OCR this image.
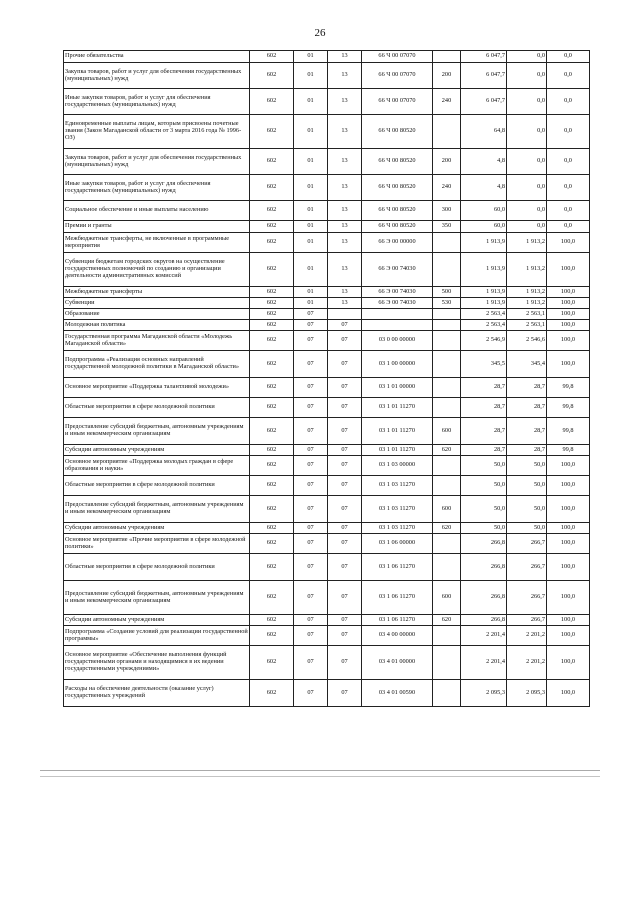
26
Прочие обязательства	602	01	13	66 Ч 00 07070		6 047,7	0,0	0,0
Закупка товаров, работ и услуг для обеспечения государственных (муниципальных) нужд	602	01	13	66 Ч 00 07070	200	6 047,7	0,0	0,0
Иные закупки товаров, работ и услуг для обеспечения государственных (муниципальных) нужд	602	01	13	66 Ч 00 07070	240	6 047,7	0,0	0,0
Единовременные выплаты лицам, которым присвоены почетные звания (Закон Магаданской области от 3 марта 2016 года № 1996-ОЗ)	602	01	13	66 Ч 00 80520		64,8	0,0	0,0
Закупка товаров, работ и услуг для обеспечения государственных (муниципальных) нужд	602	01	13	66 Ч 00 80520	200	4,8	0,0	0,0
Иные закупки товаров, работ и услуг для обеспечения государственных (муниципальных) нужд	602	01	13	66 Ч 00 80520	240	4,8	0,0	0,0
Социальное обеспечение и иные выплаты населению	602	01	13	66 Ч 00 80520	300	60,0	0,0	0,0
Премии и гранты	602	01	13	66 Ч 00 80520	350	60,0	0,0	0,0
Межбюджетные трансферты, не включенные в программные мероприятия	602	01	13	66 Э 00 00000		1 913,9	1 913,2	100,0
Субвенция бюджетам городских округов на осуществление государственных полномочий по созданию и организации деятельности административных комиссий	602	01	13	66 Э 00 74030		1 913,9	1 913,2	100,0
Межбюджетные трансферты	602	01	13	66 Э 00 74030	500	1 913,9	1 913,2	100,0
Субвенции	602	01	13	66 Э 00 74030	530	1 913,9	1 913,2	100,0
Образование	602	07				2 563,4	2 563,1	100,0
Молодежная политика	602	07	07			2 563,4	2 563,1	100,0
Государственная программа Магаданской области «Молодежь Магаданской области»	602	07	07	03 0 00 00000		2 546,9	2 546,6	100,0
Подпрограмма «Реализация основных направлений государственной молодежной политики в Магаданской области»	602	07	07	03 1 00 00000		345,5	345,4	100,0
Основное мероприятие «Поддержка талантливой молодежи»	602	07	07	03 1 01 00000		28,7	28,7	99,8
Областные мероприятия в сфере молодежной политики	602	07	07	03 1 01 11270		28,7	28,7	99,8
Предоставление субсидий бюджетным, автономным учреждениям и иным некоммерческим организациям	602	07	07	03 1 01 11270	600	28,7	28,7	99,8
Субсидии автономным учреждениям	602	07	07	03 1 01 11270	620	28,7	28,7	99,8
Основное мероприятие «Поддержка молодых граждан в сфере образования и науки»	602	07	07	03 1 03 00000		50,0	50,0	100,0
Областные мероприятия в сфере молодежной политики	602	07	07	03 1 03 11270		50,0	50,0	100,0
Предоставление субсидий бюджетным, автономным учреждениям и иным некоммерческим организациям	602	07	07	03 1 03 11270	600	50,0	50,0	100,0
Субсидии автономным учреждениям	602	07	07	03 1 03 11270	620	50,0	50,0	100,0
Основное мероприятие «Прочие мероприятия в сфере молодежной политики»	602	07	07	03 1 06 00000		266,8	266,7	100,0
Областные мероприятия в сфере молодежной политики	602	07	07	03 1 06 11270		266,8	266,7	100,0
Предоставление субсидий бюджетным, автономным учреждениям и иным некоммерческим организациям	602	07	07	03 1 06 11270	600	266,8	266,7	100,0
Субсидии автономным учреждениям	602	07	07	03 1 06 11270	620	266,8	266,7	100,0
Подпрограмма «Создание условий для реализации государственной программы»	602	07	07	03 4 00 00000		2 201,4	2 201,2	100,0
Основное мероприятие «Обеспечение выполнения функций государственными органами и находящимися в их ведении государственными учреждениями»	602	07	07	03 4 01 00000		2 201,4	2 201,2	100,0
Расходы на обеспечение деятельности (оказание услуг) государственных учреждений	602	07	07	03 4 01 00590		2 095,3	2 095,3	100,0
